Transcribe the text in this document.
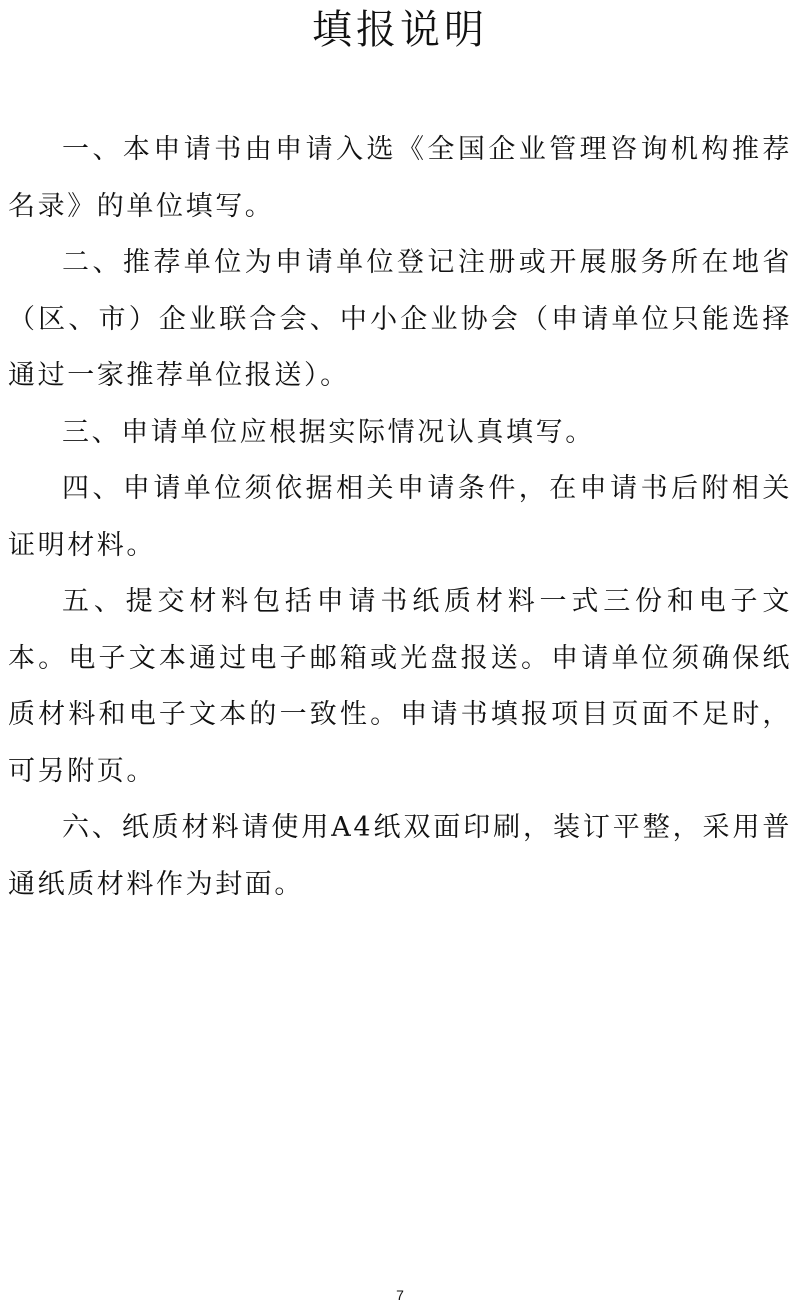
填报说明

一、本申请书由申请入选《全国企业管理咨询机构推荐名录》的单位填写。

二、推荐单位为申请单位登记注册或开展服务所在地省（区、市）企业联合会、中小企业协会（申请单位只能选择通过一家推荐单位报送）。

三、申请单位应根据实际情况认真填写。

四、申请单位须依据相关申请条件，在申请书后附相关证明材料。

五、提交材料包括申请书纸质材料一式三份和电子文本。电子文本通过电子邮箱或光盘报送。申请单位须确保纸质材料和电子文本的一致性。申请书填报项目页面不足时，可另附页。

六、纸质材料请使用A4纸双面印刷，装订平整，采用普通纸质材料作为封面。

7
